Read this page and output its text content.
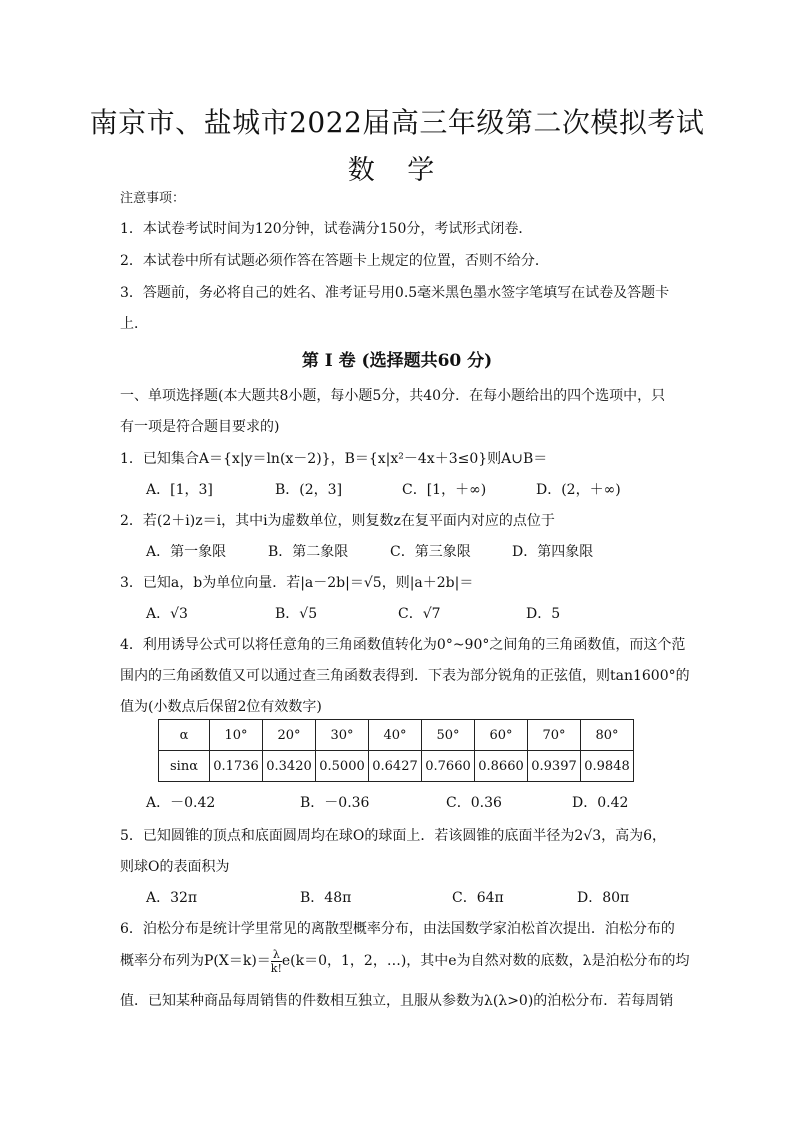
南京市、盐城市2022届高三年级第二次模拟考试
数 学
注意事项：
1．本试卷考试时间为120分钟，试卷满分150分，考试形式闭卷．
2．本试卷中所有试题必须作答在答题卡上规定的位置，否则不给分．
3．答题前，务必将自己的姓名、准考证号用0.5毫米黑色墨水签字笔填写在试卷及答题卡
上．
第 Ⅰ 卷 (选择题共60 分)
一、单项选择题(本大题共8小题，每小题5分，共40分．在每小题给出的四个选项中，只
有一项是符合题目要求的)
1．已知集合A＝{x|y＝ln(x－2)}，B＝{x|x²－4x＋3≤0}则A∪B＝
A．[1，3]	B．(2，3]	C．[1，＋∞)	D．(2，＋∞)
2．若(2＋i)z＝i，其中i为虚数单位，则复数z在复平面内对应的点位于
A．第一象限	B．第二象限	C．第三象限	D．第四象限
3．已知a，b为单位向量．若|a－2b|＝√5，则|a＋2b|＝
A．√3	B．√5	C．√7	D．5
4．利用诱导公式可以将任意角的三角函数值转化为0°~90°之间角的三角函数值，而这个范
围内的三角函数值又可以通过查三角函数表得到．下表为部分锐角的正弦值，则tan1600°的
值为(小数点后保留2位有效数字)
α	10°	20°	30°	40°	50°	60°	70°	80°
sinα	0.1736	0.3420	0.5000	0.6427	0.7660	0.8660	0.9397	0.9848
A．－0.42	B．－0.36	C．0.36	D．0.42
5．已知圆锥的顶点和底面圆周均在球O的球面上．若该圆锥的底面半径为2√3，高为6，
则球O的表面积为
A．32π	B．48π	C．64π	D．80π
6．泊松分布是统计学里常见的离散型概率分布，由法国数学家泊松首次提出．泊松分布的
概率分布列为$P(X=k)= \frac{\lambda}{k!} e(k=0$，1，2，…)，其中e为自然对数的底数，λ是泊松分布的均
值．已知某种商品每周销售的件数相互独立，且服从参数为λ(λ>0)的泊松分布．若每周销
